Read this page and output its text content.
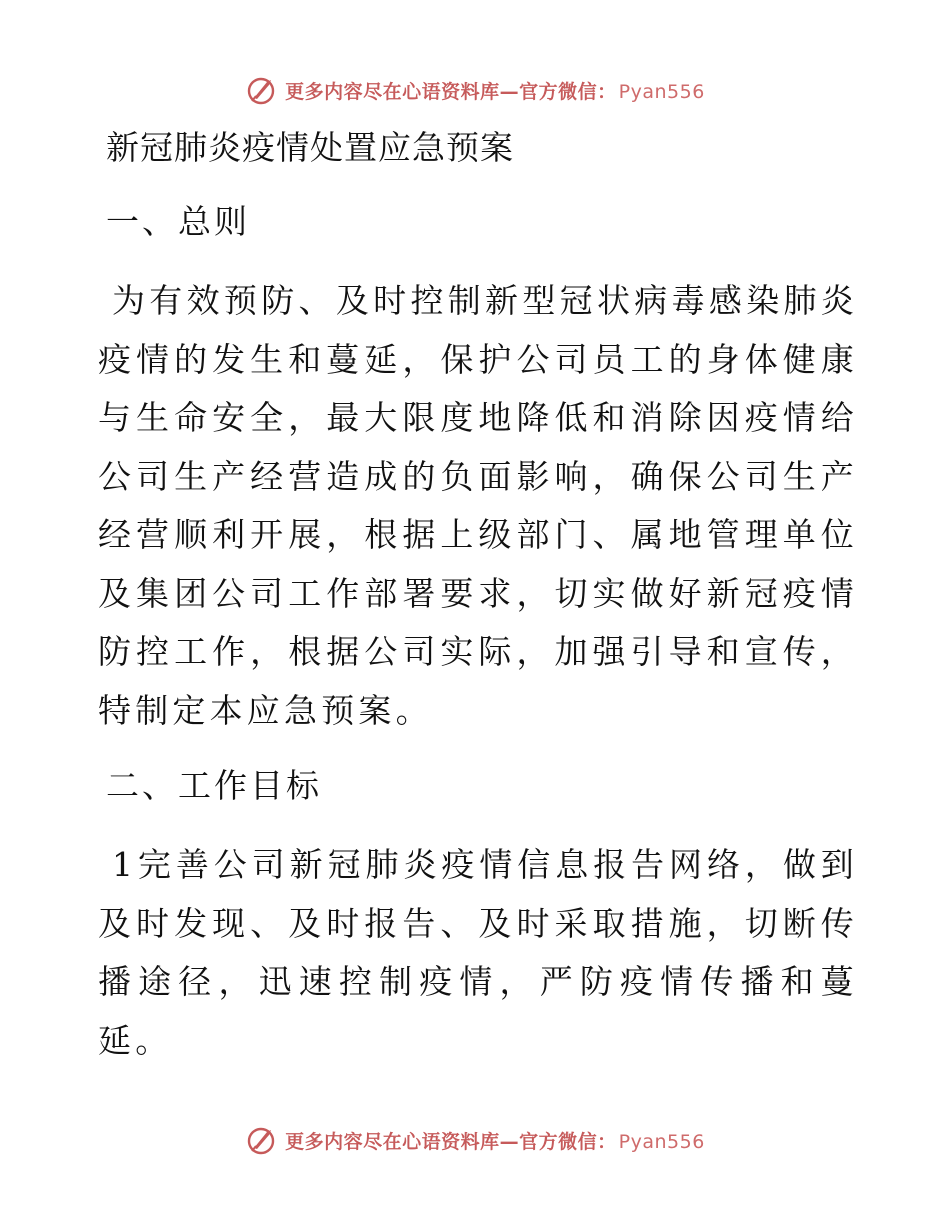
更多内容尽在心语资料库—官方微信： Pyan556
新冠肺炎疫情处置应急预案
一、总则

为有效预防、及时控制新型冠状病毒感染肺炎疫情的发生和蔓延，保护公司员工的身体健康与生命安全，最大限度地降低和消除因疫情给公司生产经营造成的负面影响，确保公司生产经营顺利开展，根据上级部门、属地管理单位及集团公司工作部署要求，切实做好新冠疫情防控工作，根据公司实际，加强引导和宣传，特制定本应急预案。

二、工作目标

1完善公司新冠肺炎疫情信息报告网络，做到及时发现、及时报告、及时采取措施，切断传播途径，迅速控制疫情，严防疫情传播和蔓延。

更多内容尽在心语资料库—官方微信： Pyan556
